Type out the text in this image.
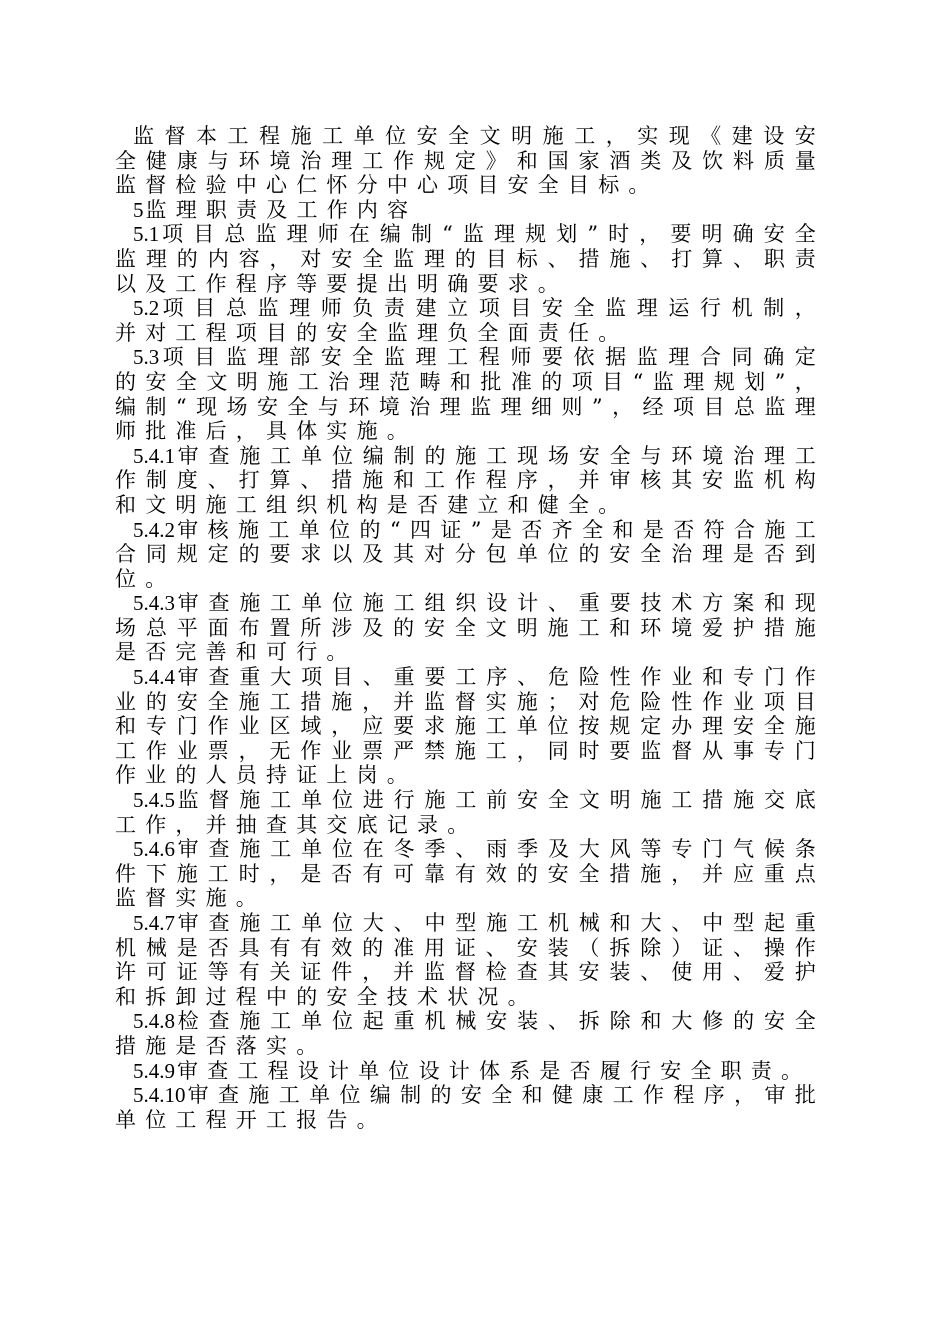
监督本工程施工单位安全文明施工，实现《建设安全健康与环境治理工作规定》和国家酒类及饮料质量监督检验中心仁怀分中心项目安全目标。

5监理职责及工作内容

5.1项目总监理师在编制“监理规划”时，要明确安全监理的内容，对安全监理的目标、措施、打算、职责以及工作程序等要提出明确要求。

5.2项目总监理师负责建立项目安全监理运行机制，并对工程项目的安全监理负全面责任。

5.3项目监理部安全监理工程师要依据监理合同确定的安全文明施工治理范畴和批准的项目“监理规划”，编制“现场安全与环境治理监理细则”，经项目总监理师批准后，具体实施。

5.4.1审查施工单位编制的施工现场安全与环境治理工作制度、打算、措施和工作程序，并审核其安监机构和文明施工组织机构是否建立和健全。

5.4.2审核施工单位的“四证”是否齐全和是否符合施工合同规定的要求以及其对分包单位的安全治理是否到位。

5.4.3审查施工单位施工组织设计、重要技术方案和现场总平面布置所涉及的安全文明施工和环境爱护措施是否完善和可行。

5.4.4审查重大项目、重要工序、危险性作业和专门作业的安全施工措施，并监督实施；对危险性作业项目和专门作业区域，应要求施工单位按规定办理安全施工作业票，无作业票严禁施工，同时要监督从事专门作业的人员持证上岗。

5.4.5监督施工单位进行施工前安全文明施工措施交底工作，并抽查其交底记录。

5.4.6审查施工单位在冬季、雨季及大风等专门气候条件下施工时，是否有可靠有效的安全措施，并应重点监督实施。

5.4.7审查施工单位大、中型施工机械和大、中型起重机械是否具有有效的准用证、安装（拆除）证、操作许可证等有关证件，并监督检查其安装、使用、爱护和拆卸过程中的安全技术状况。

5.4.8检查施工单位起重机械安装、拆除和大修的安全措施是否落实。

5.4.9审查工程设计单位设计体系是否履行安全职责。

5.4.10审查施工单位编制的安全和健康工作程序，审批单位工程开工报告。
